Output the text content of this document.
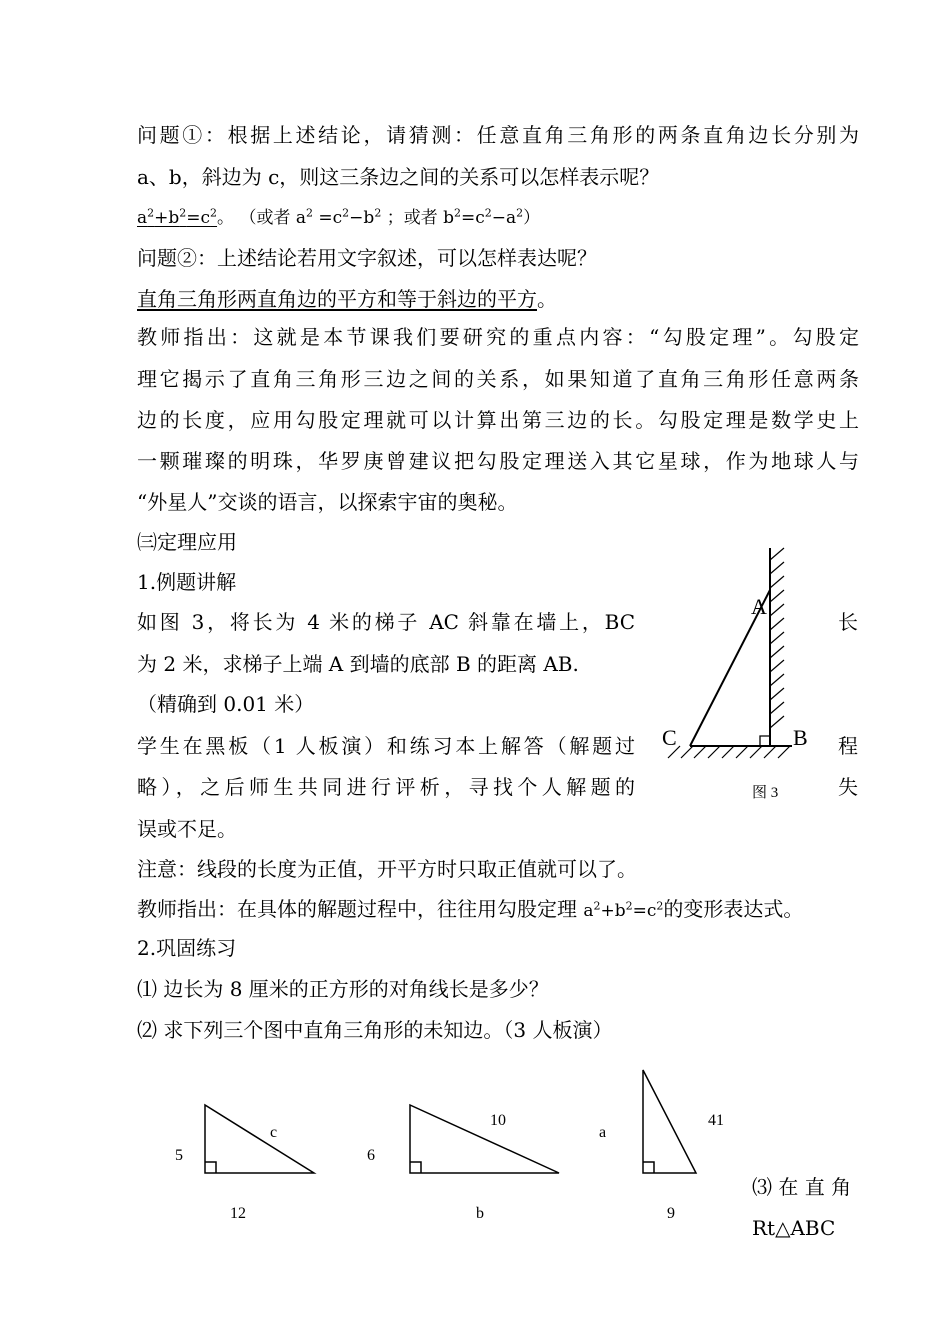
问题①：根据上述结论，请猜测：任意直角三角形的两条直角边长分别为
a、b，斜边为 c，则这三条边之间的关系可以怎样表示呢？
$a^2+b^2=c^2$。 （或者 $a^2 =c^2-b^2$ ；或者 $b^2=c^2-a^2$）
问题②：上述结论若用文字叙述，可以怎样表达呢？
直角三角形两直角边的平方和等于斜边的平方。
教师指出：这就是本节课我们要研究的重点内容：“勾股定理”。勾股定
理它揭示了直角三角形三边之间的关系，如果知道了直角三角形任意两条
边的长度，应用勾股定理就可以计算出第三边的长。勾股定理是数学史上
一颗璀璨的明珠，华罗庚曾建议把勾股定理送入其它星球，作为地球人与
“外星人”交谈的语言，以探索宇宙的奥秘。
㈢定理应用
1.例题讲解
如图 3，将长为 4 米的梯子 AC 斜靠在墙上，BC
为 2 米，求梯子上端 A 到墙的底部 B 的距离 AB.
（精确到 0.01 米）
学生在黑板（1 人板演）和练习本上解答（解题过
略），之后师生共同进行评析，寻找个人解题的
误或不足。
长
程
失
A
B
C
图 3
注意：线段的长度为正值，开平方时只取正值就可以了。
教师指出：在具体的解题过程中，往往用勾股定理 $a^2+b^2=c^2$的变形表达式。
2.巩固练习
⑴ 边长为 8 厘米的正方形的对角线长是多少？
⑵ 求下列三个图中直角三角形的未知边。（3 人板演）
5
c
12
6
10
b
a
41
9
⑶ 在 直 角
Rt△ABC
